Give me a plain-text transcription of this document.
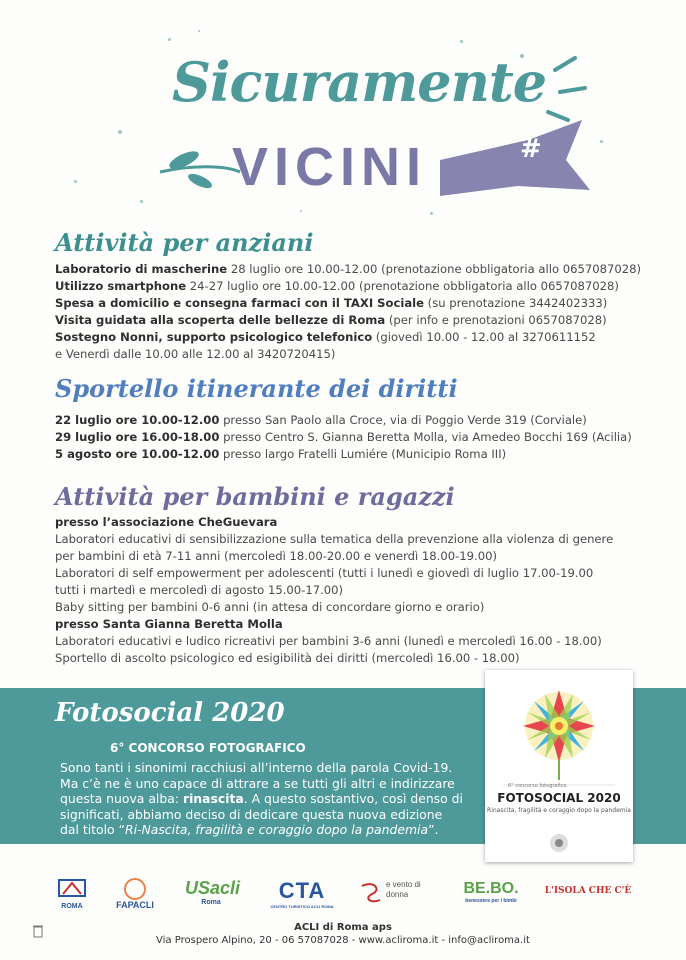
Sicuramente
VICINI	#
Attività per anziani
Laboratorio di mascherine 28 luglio ore 10.00-12.00 (prenotazione obbligatoria allo 0657087028)
Utilizzo smartphone 24-27 luglio ore 10.00-12.00 (prenotazione obbligatoria allo 0657087028)
Spesa a domicilio e consegna farmaci con il TAXI Sociale (su prenotazione 3442402333)
Visita guidata alla scoperta delle bellezze di Roma (per info e prenotazioni 0657087028)
Sostegno Nonni, supporto psicologico telefonico (giovedì 10.00 - 12.00 al 3270611152
e Venerdì dalle 10.00 alle 12.00 al 3420720415)
Sportello itinerante dei diritti
22 luglio ore 10.00-12.00 presso San Paolo alla Croce, via di Poggio Verde 319 (Corviale)
29 luglio ore 16.00-18.00 presso Centro S. Gianna Beretta Molla, via Amedeo Bocchi 169 (Acilia)
5 agosto ore 10.00-12.00 presso largo Fratelli Lumiére (Municipio Roma III)
Attività per bambini e ragazzi
presso l’associazione CheGuevara
Laboratori educativi di sensibilizzazione sulla tematica della prevenzione alla violenza di genere
per bambini di età 7-11 anni (mercoledì 18.00-20.00 e venerdì 18.00-19.00)
Laboratori di self empowerment per adolescenti (tutti i lunedì e giovedì di luglio 17.00-19.00
tutti i martedì e mercoledì di agosto 15.00-17.00)
Baby sitting per bambini 0-6 anni (in attesa di concordare giorno e orario)
presso Santa Gianna Beretta Molla
Laboratori educativi e ludico ricreativi per bambini 3-6 anni (lunedì e mercoledì 16.00 - 18.00)
Sportello di ascolto psicologico ed esigibilità dei diritti (mercoledì 16.00 - 18.00)
Fotosocial 2020
6° CONCORSO FOTOGRAFICO
Sono tanti i sinonimi racchiusi all’interno della parola Covid-19.
Ma c’è ne è uno capace di attrare a se tutti gli altri e indirizzare
questa nuova alba: rinascita. A questo sostantivo, così denso di
significati, abbiamo deciso di dedicare questa nuova edizione
dal titolo “Ri-Nascita, fragilità e coraggio dopo la pandemia”.
6° concorso fotografico
FOTOSOCIAL 2020
Rinascita, fragilità e coraggio dopo la pandemia
ROMA	FAPACLI
USacli
Roma	CTA
CENTRO TURISTICO ACLI ROMA
e vento di donna	BE.BO.
benessere per i bimbi
L'ISOLA CHE C'È
ACLI di Roma aps
Via Prospero Alpino, 20 - 06 57087028 - www.acliroma.it - info@acliroma.it
